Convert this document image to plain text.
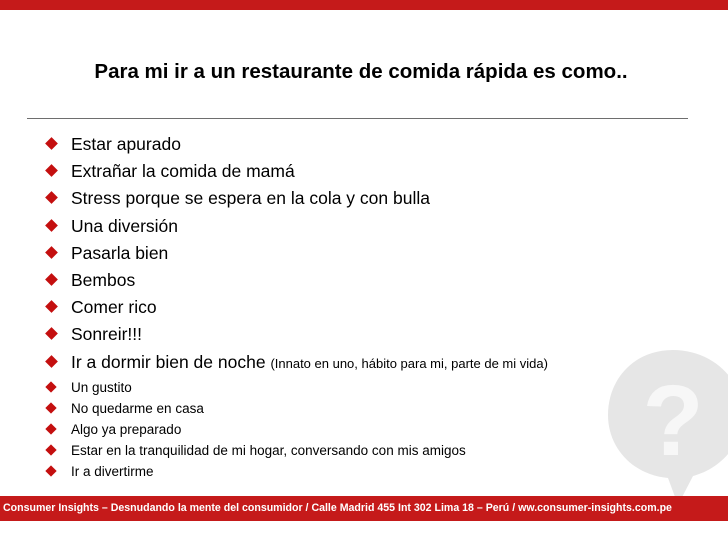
?
Para mi ir a un restaurante de comida rápida es como..
Estar apurado
Extrañar la comida de mamá
Stress porque se espera en la cola y con bulla
Una diversión
Pasarla bien
Bembos
Comer rico
Sonreir!!!
Ir a dormir bien de noche (Innato en uno, hábito para mi, parte de mi vida)
Un gustito
No quedarme en casa
Algo ya preparado
Estar en la tranquilidad de mi hogar, conversando con mis amigos
Ir a divertirme
Consumer Insights – Desnudando la mente del consumidor / Calle Madrid 455 Int 302 Lima 18 – Perú / ww.consumer-insights.com.pe
